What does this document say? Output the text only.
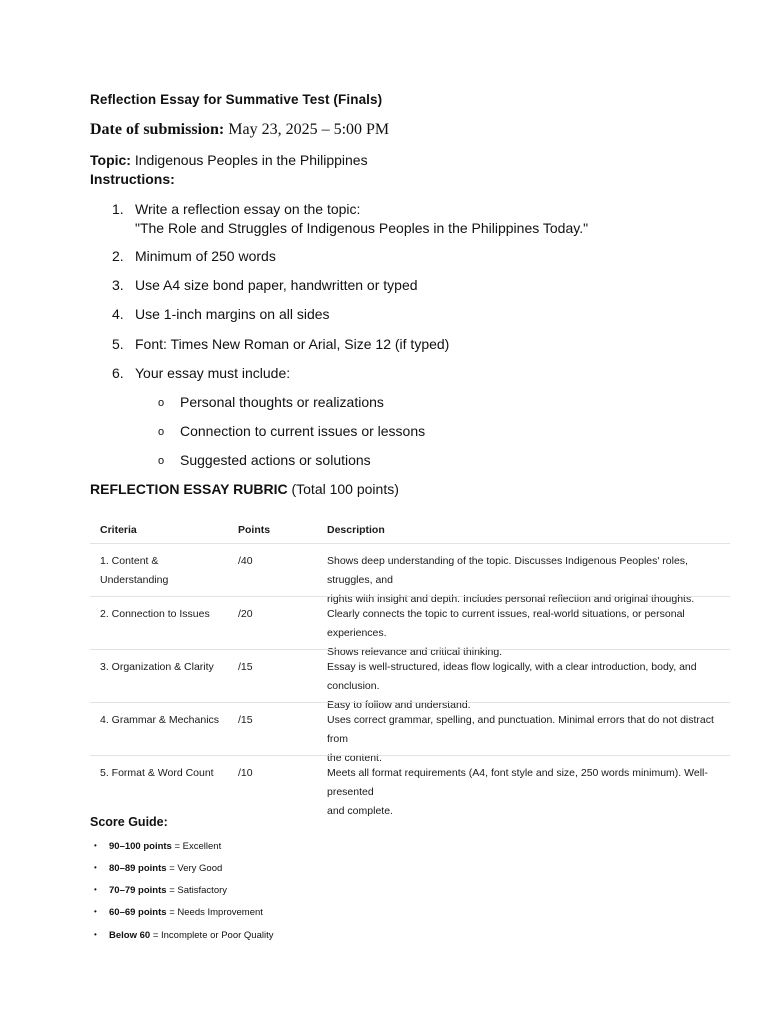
Reflection Essay for Summative Test (Finals)
Date of submission: May 23, 2025 – 5:00 PM
Topic: Indigenous Peoples in the Philippines
Instructions:
1. Write a reflection essay on the topic:
"The Role and Struggles of Indigenous Peoples in the Philippines Today."
2. Minimum of 250 words
3. Use A4 size bond paper, handwritten or typed
4. Use 1-inch margins on all sides
5. Font: Times New Roman or Arial, Size 12 (if typed)
6. Your essay must include:
o Personal thoughts or realizations
o Connection to current issues or lessons
o Suggested actions or solutions
REFLECTION ESSAY RUBRIC (Total 100 points)
Criteria	Points	Description
1. Content &
Understanding
/40	Shows deep understanding of the topic. Discusses Indigenous Peoples' roles, struggles, and
rights with insight and depth. Includes personal reflection and original thoughts.
2. Connection to Issues	/20	Clearly connects the topic to current issues, real-world situations, or personal experiences.
Shows relevance and critical thinking.
3. Organization & Clarity	/15	Essay is well-structured, ideas flow logically, with a clear introduction, body, and conclusion.
Easy to follow and understand.
4. Grammar & Mechanics	/15	Uses correct grammar, spelling, and punctuation. Minimal errors that do not distract from
the content.
5. Format & Word Count	/10	Meets all format requirements (A4, font style and size, 250 words minimum). Well-presented
and complete.
Score Guide:
• 90–100 points = Excellent
• 80–89 points = Very Good
• 70–79 points = Satisfactory
• 60–69 points = Needs Improvement
• Below 60 = Incomplete or Poor Quality
